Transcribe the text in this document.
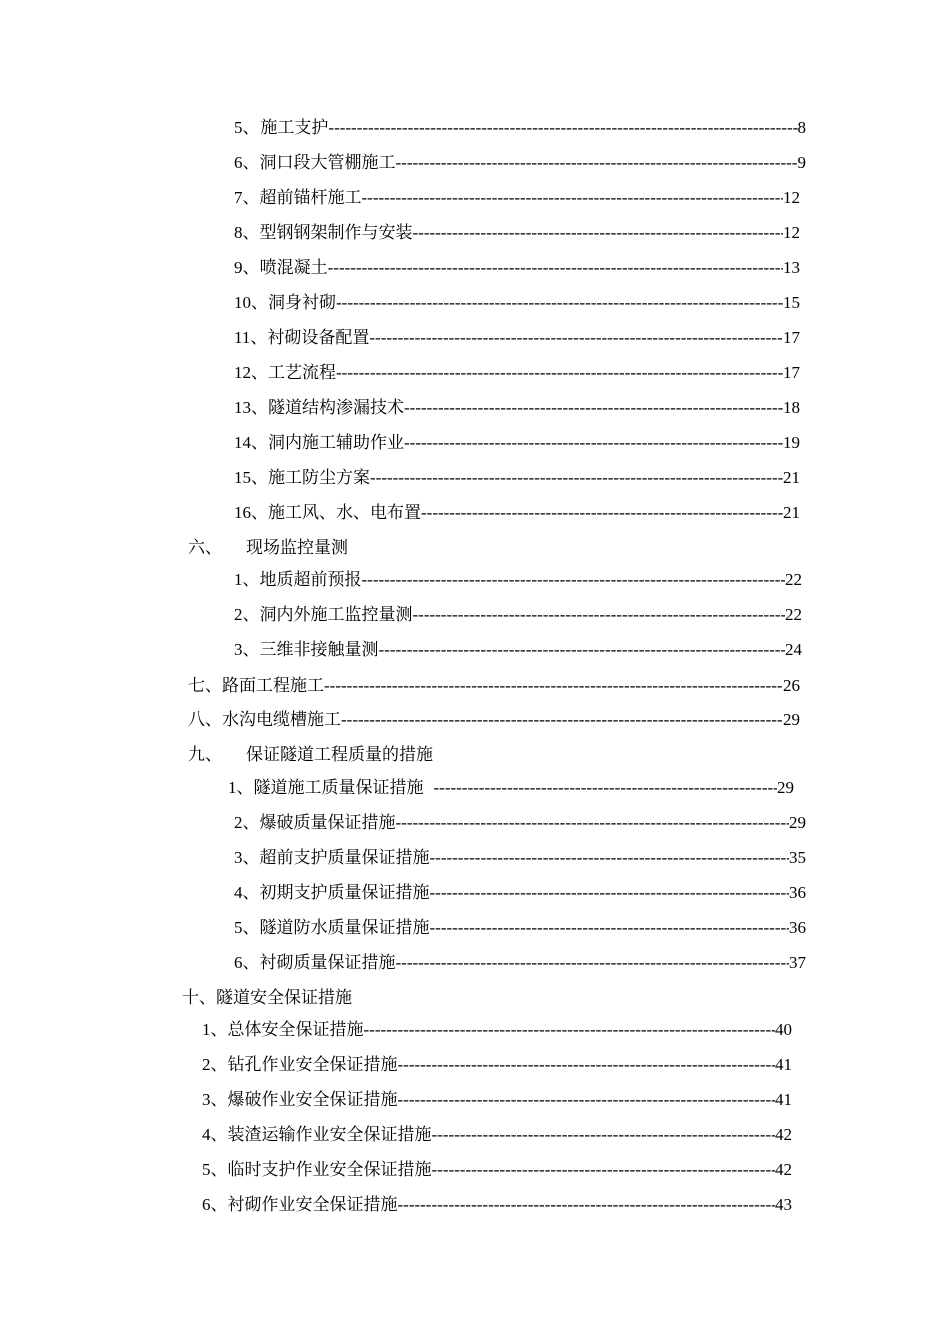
5、 施工支护 -----	8
6、 洞口段大管棚施工 -----	9
7、 超前锚杆施工 -----	12
8、 型钢钢架制作与安装 -----	12
9、 喷混凝土 -----	13
10、 洞身衬砌 -----	15
11、 衬砌设备配置 -----	17
12、 工艺流程 -----	17
13、 隧道结构渗漏技术 -----	18
14、 洞内施工辅助作业 -----	19
15、 施工防尘方案 -----	21
16、 施工风、水、电布置 -----	21
六、	现场监控量测
1、 地质超前预报 -----	22
2、 洞内外施工监控量测 -----	22
3、 三维非接触量测 -----	24
七、 路面工程施工 -----	26
八、 水沟电缆槽施工 -----	29
九、	保证隧道工程质量的措施
1、 隧道施工质量保证措施 -----	29
2、 爆破质量保证措施 -----	29
3、 超前支护质量保证措施 -----	35
4、 初期支护质量保证措施 -----	36
5、 隧道防水质量保证措施 -----	36
6、 衬砌质量保证措施 -----	37
十、 隧道安全保证措施
1、 总体安全保证措施 -----	40
2、 钻孔作业安全保证措施 -----	41
3、 爆破作业安全保证措施 -----	41
4、 装渣运输作业安全保证措施 -----	42
5、 临时支护作业安全保证措施 -----	42
6、 衬砌作业安全保证措施 -----	43
